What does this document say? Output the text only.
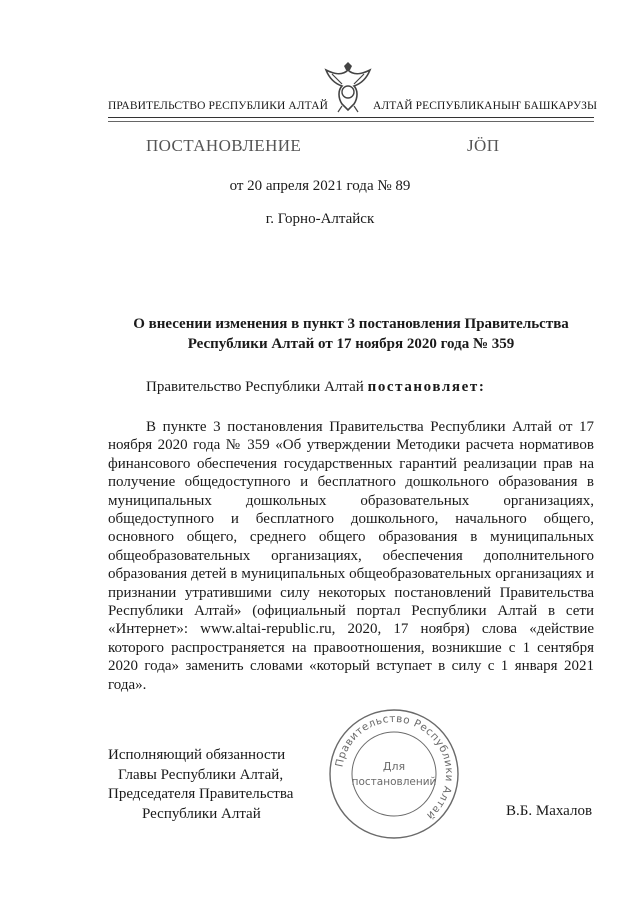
ПРАВИТЕЛЬСТВО РЕСПУБЛИКИ АЛТАЙ	АЛТАЙ РЕСПУБЛИКАНЫҤ БАШКАРУЗЫ
ПОСТАНОВЛЕНИЕ	JӦП
от 20 апреля 2021 года № 89
г. Горно-Алтайск
О внесении изменения в пункт 3 постановления Правительства Республики Алтай от 17 ноября 2020 года № 359
Правительство Республики Алтай постановляет:

В пункте 3 постановления Правительства Республики Алтай от 17 ноября 2020 года № 359 «Об утверждении Методики расчета нормативов финансового обеспечения государственных гарантий реализации прав на получение общедоступного и бесплатного дошкольного образования в муниципальных дошкольных образовательных организациях, общедоступного и бесплатного дошкольного, начального общего, основного общего, среднего общего образования в муниципальных общеобразовательных организациях, обеспечения дополнительного образования детей в муниципальных общеобразовательных организациях и признании утратившими силу некоторых постановлений Правительства Республики Алтай» (официальный портал Республики Алтай в сети «Интернет»: www.altai-republic.ru, 2020, 17 ноября) слова «действие которого распространяется на правоотношения, возникшие с 1 сентября 2020 года» заменить словами «который вступает в силу с 1 января 2021 года».

Исполняющий обязанности
Главы Республики Алтай,
Председателя Правительства
Республики Алтай	В.Б. Махалов
Правительство Республики Алтай
Для
постановлений
